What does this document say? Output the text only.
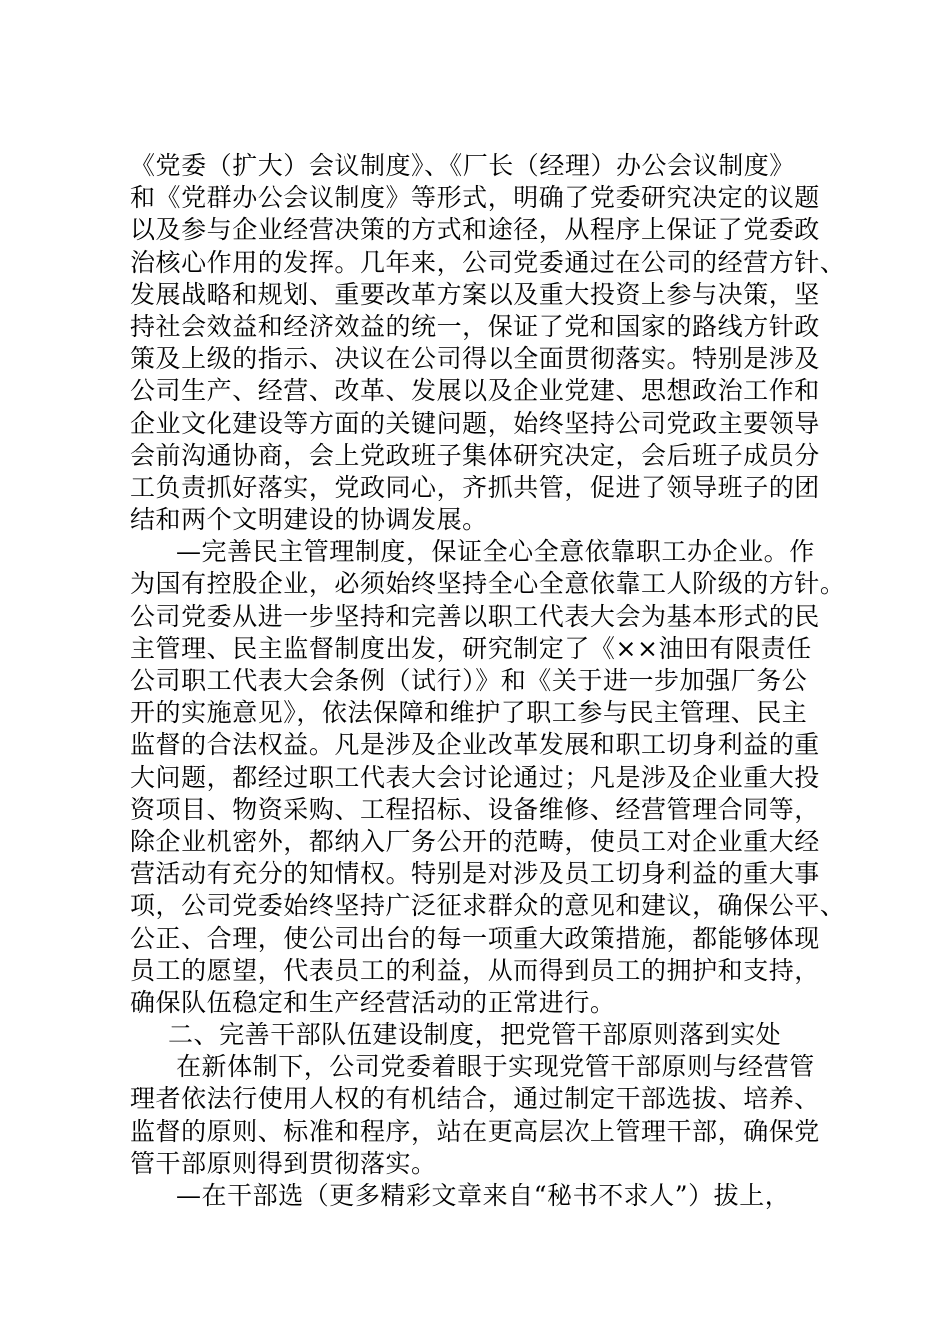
《党委（扩大）会议制度》、《厂长（经理）办公会议制度》
和《党群办公会议制度》等形式，明确了党委研究决定的议题
以及参与企业经营决策的方式和途径，从程序上保证了党委政
治核心作用的发挥。几年来，公司党委通过在公司的经营方针、
发展战略和规划、重要改革方案以及重大投资上参与决策，坚
持社会效益和经济效益的统一，保证了党和国家的路线方针政
策及上级的指示、决议在公司得以全面贯彻落实。特别是涉及
公司生产、经营、改革、发展以及企业党建、思想政治工作和
企业文化建设等方面的关键问题，始终坚持公司党政主要领导
会前沟通协商，会上党政班子集体研究决定，会后班子成员分
工负责抓好落实，党政同心，齐抓共管，促进了领导班子的团
结和两个文明建设的协调发展。
—完善民主管理制度，保证全心全意依靠职工办企业。作
为国有控股企业，必须始终坚持全心全意依靠工人阶级的方针。
公司党委从进一步坚持和完善以职工代表大会为基本形式的民
主管理、民主监督制度出发，研究制定了《××油田有限责任
公司职工代表大会条例（试行）》和《关于进一步加强厂务公
开的实施意见》，依法保障和维护了职工参与民主管理、民主
监督的合法权益。凡是涉及企业改革发展和职工切身利益的重
大问题，都经过职工代表大会讨论通过；凡是涉及企业重大投
资项目、物资采购、工程招标、设备维修、经营管理合同等，
除企业机密外，都纳入厂务公开的范畴，使员工对企业重大经
营活动有充分的知情权。特别是对涉及员工切身利益的重大事
项，公司党委始终坚持广泛征求群众的意见和建议，确保公平、
公正、合理，使公司出台的每一项重大政策措施，都能够体现
员工的愿望，代表员工的利益，从而得到员工的拥护和支持，
确保队伍稳定和生产经营活动的正常进行。
二、完善干部队伍建设制度，把党管干部原则落到实处
在新体制下，公司党委着眼于实现党管干部原则与经营管
理者依法行使用人权的有机结合，通过制定干部选拔、培养、
监督的原则、标准和程序，站在更高层次上管理干部，确保党
管干部原则得到贯彻落实。
—在干部选（更多精彩文章来自“秘书不求人”）拔上，
